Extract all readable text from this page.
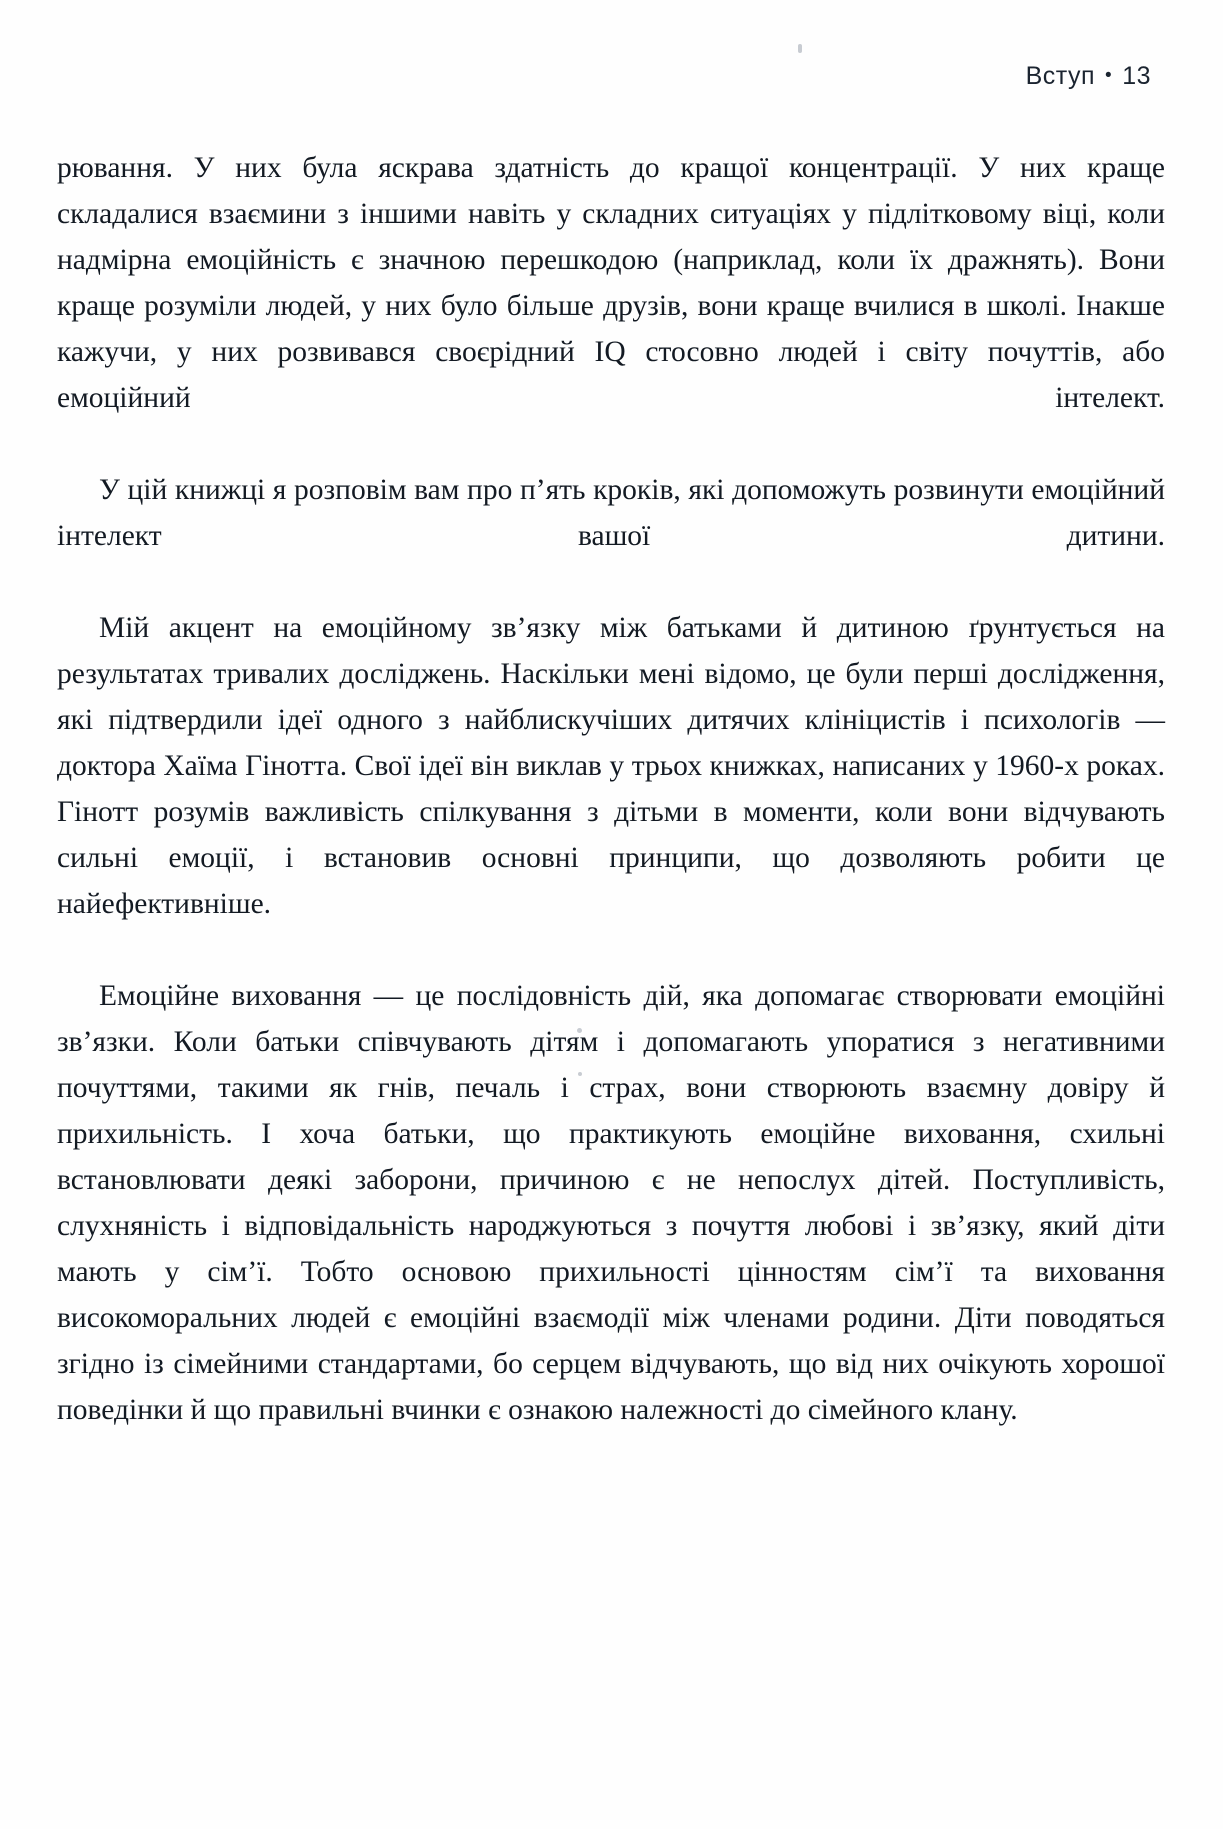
Вступ • 13

рювання. У них була яскрава здатність до кращої концентрації. У них краще складалися взаємини з іншими навіть у складних ситуаціях у підлітковому віці, коли надмірна емоційність є значною перешкодою (наприклад, коли їх дражнять). Вони краще розуміли людей, у них було більше друзів, вони краще вчилися в школі. Інакше кажучи, у них розвивався своєрідний IQ стосовно людей і світу почуттів, або емоційний інтелект.

У цій книжці я розповім вам про п’ять кроків, які допоможуть розвинути емоційний інтелект вашої дитини.

Мій акцент на емоційному зв’язку між батьками й дитиною ґрунтується на результатах тривалих досліджень. Наскільки мені відомо, це були перші дослідження, які підтвердили ідеї одного з найблискучіших дитячих клініцистів і психологів — доктора Хаїма Гінотта. Свої ідеї він виклав у трьох книжках, написаних у 1960-х роках. Гінотт розумів важливість спілкування з дітьми в моменти, коли вони відчувають сильні емоції, і встановив основні принципи, що дозволяють робити це найефективніше.

Емоційне виховання — це послідовність дій, яка допомагає створювати емоційні зв’язки. Коли батьки співчувають дітям і допомагають упоратися з негативними почуттями, такими як гнів, печаль і страх, вони створюють взаємну довіру й прихильність. І хоча батьки, що практикують емоційне виховання, схильні встановлювати деякі заборони, причиною є не непослух дітей. Поступливість, слухняність і відповідальність народжуються з почуття любові і зв’язку, який діти мають у сім’ї. Тобто основою прихильності цінностям сім’ї та виховання високоморальних людей є емоційні взаємодії між членами родини. Діти поводяться згідно із сімейними стандартами, бо серцем відчувають, що від них очікують хорошої поведінки й що правильні вчинки є ознакою належності до сімейного клану.
